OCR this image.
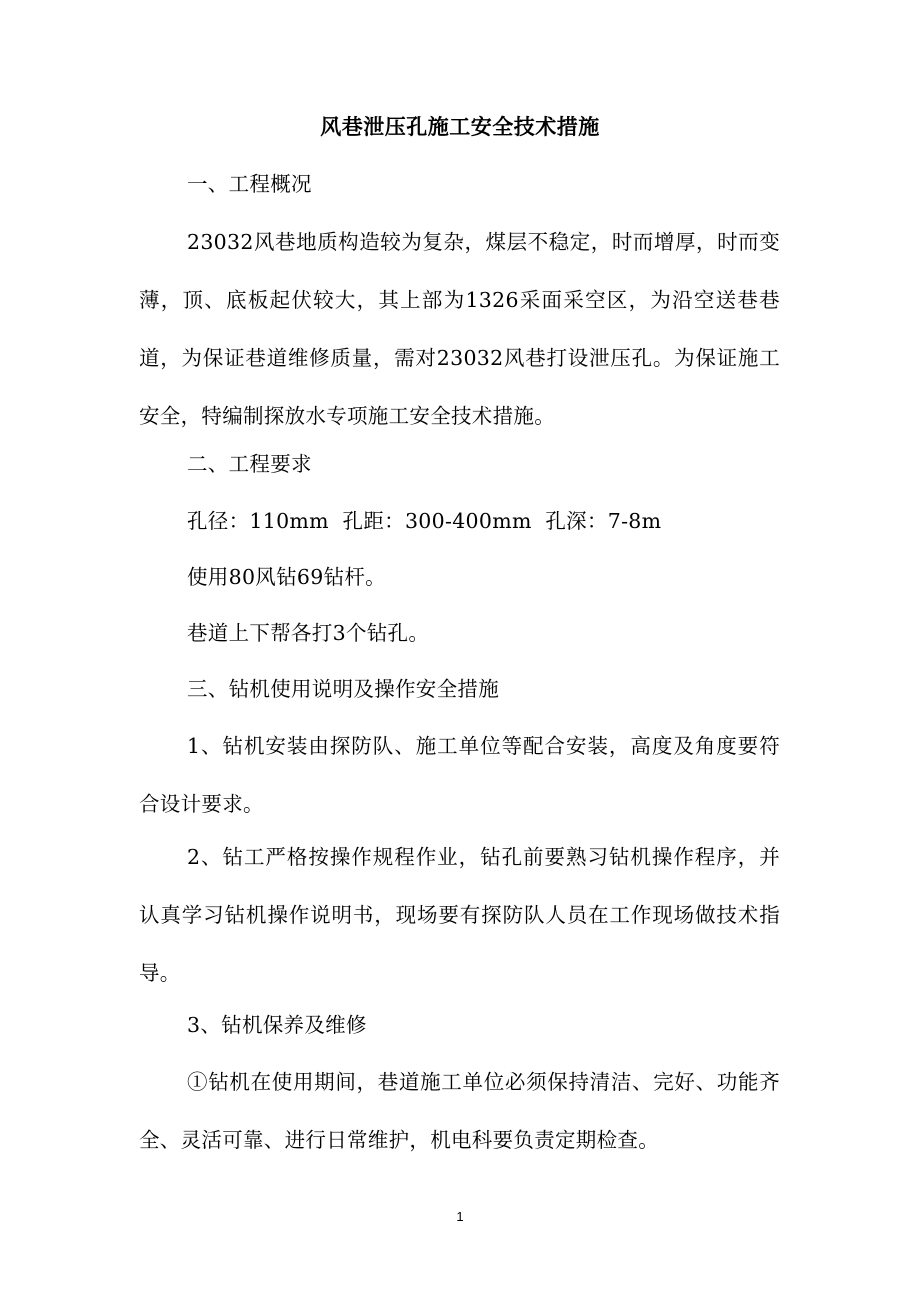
风巷泄压孔施工安全技术措施

一、工程概况

23032风巷地质构造较为复杂，煤层不稳定，时而增厚，时而变薄，顶、底板起伏较大，其上部为1326采面采空区，为沿空送巷巷道，为保证巷道维修质量，需对23032风巷打设泄压孔。为保证施工安全，特编制探放水专项施工安全技术措施。

二、工程要求

孔径：110mm  孔距：300-400mm  孔深：7-8m

使用80风钻69钻杆。

巷道上下帮各打3个钻孔。

三、钻机使用说明及操作安全措施

1、钻机安装由探防队、施工单位等配合安装，高度及角度要符合设计要求。

2、钻工严格按操作规程作业，钻孔前要熟习钻机操作程序，并认真学习钻机操作说明书，现场要有探防队人员在工作现场做技术指导。

3、钻机保养及维修

①钻机在使用期间，巷道施工单位必须保持清洁、完好、功能齐全、灵活可靠、进行日常维护，机电科要负责定期检查。

1
